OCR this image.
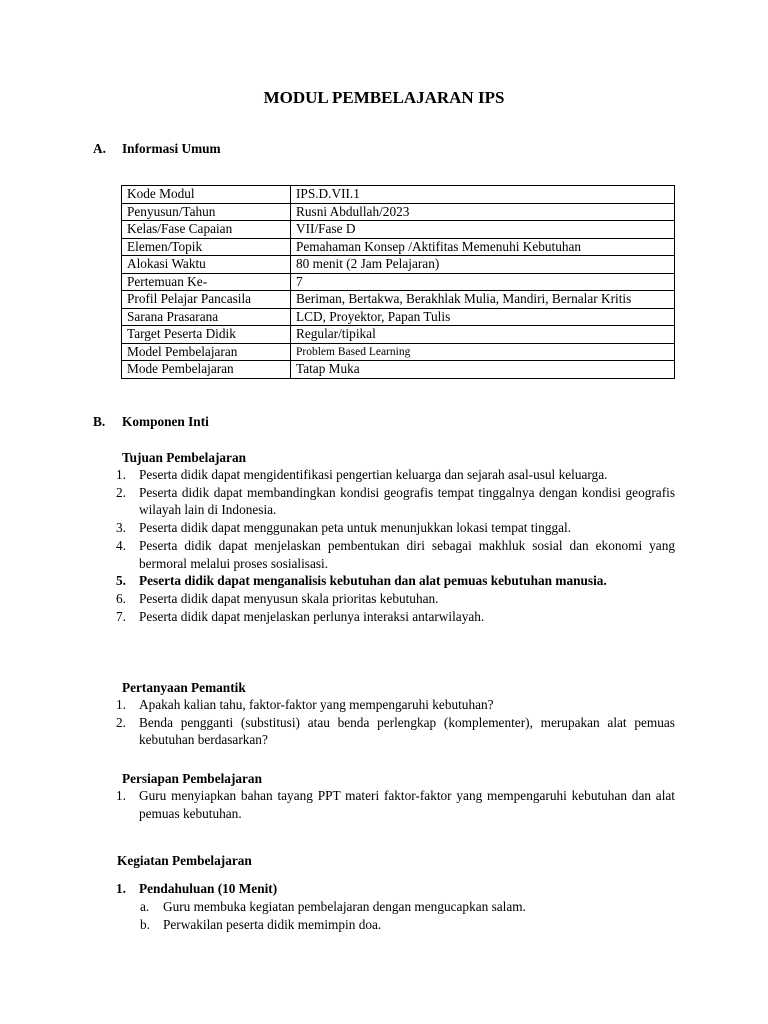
MODUL PEMBELAJARAN IPS
A. Informasi Umum
Kode Modul	IPS.D.VII.1
Penyusun/Tahun	Rusni Abdullah/2023
Kelas/Fase Capaian	VII/Fase D
Elemen/Topik	Pemahaman Konsep /Aktifitas Memenuhi Kebutuhan
Alokasi Waktu	80 menit (2 Jam Pelajaran)
Pertemuan Ke-	7
Profil Pelajar Pancasila	Beriman, Bertakwa, Berakhlak Mulia, Mandiri, Bernalar Kritis
Sarana Prasarana	LCD, Proyektor, Papan Tulis
Target Peserta Didik	Regular/tipikal
Model Pembelajaran	Problem Based Learning
Mode Pembelajaran	Tatap Muka
B. Komponen Inti
Tujuan Pembelajaran
1. Peserta didik dapat mengidentifikasi pengertian keluarga dan sejarah asal-usul keluarga.
2. Peserta didik dapat membandingkan kondisi geografis tempat tinggalnya dengan kondisi geografis wilayah lain di Indonesia.
3. Peserta didik dapat menggunakan peta untuk menunjukkan lokasi tempat tinggal.
4. Peserta didik dapat menjelaskan pembentukan diri sebagai makhluk sosial dan ekonomi yang bermoral melalui proses sosialisasi.
5. Peserta didik dapat menganalisis kebutuhan dan alat pemuas kebutuhan manusia.
6. Peserta didik dapat menyusun skala prioritas kebutuhan.
7. Peserta didik dapat menjelaskan perlunya interaksi antarwilayah.
Pertanyaan Pemantik
1. Apakah kalian tahu, faktor-faktor yang mempengaruhi kebutuhan?
2. Benda pengganti (substitusi) atau benda perlengkap (komplementer), merupakan alat pemuas kebutuhan berdasarkan?
Persiapan Pembelajaran
1. Guru menyiapkan bahan tayang PPT materi faktor-faktor yang mempengaruhi kebutuhan dan alat pemuas kebutuhan.
Kegiatan Pembelajaran
1. Pendahuluan (10 Menit)
a. Guru membuka kegiatan pembelajaran dengan mengucapkan salam.
b. Perwakilan peserta didik memimpin doa.
